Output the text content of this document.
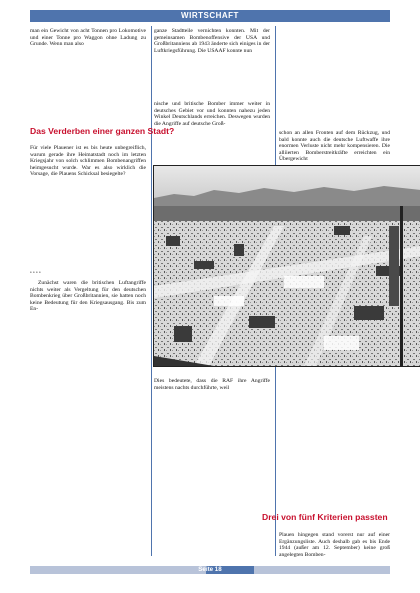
WIRTSCHAFT
man ein Gewicht von acht Tonnen pro Lokomotive und einer Tonne pro Waggon ohne Ladung zu Grunde. Wenn man also
Das Verderben einer ganzen Stadt?
Für viele Plauener ist es bis heute unbegreiflich, warum gerade ihre Heimatstadt noch im letzten Kriegsjahr von solch schlimmen Bombenangriffen heimgesucht wurde. War es also wirklich die Vorsage, die Plauens Schicksal besiegelte?
• • • •
Zunächst waren die britischen Luftangriffe nichts weiter als Vergeltung für den deutschen Bombenkrieg über Großbritannien, sie hatten noch keine Bedeutung für den Kriegsausgang. Bis zum En-
ganze Stadtteile vernichten konnten. Mit der gemeinsamen Bombenoffensive der USA und Großbritanniens ab 1943 änderte sich einiges in der Luftkriegsführung. Die USAAF konnte nun
nische und britische Bomber immer weiter in deutsches Gebiet vor und konnten nahezu jeden Winkel Deutschlands erreichen. Deswegen wurden die Angriffe auf deutsche Groß-
Dies bedeutete, dass die RAF ihre Angriffe meistens nachts durchführte, weil
schon an allen Fronten auf dem Rückzug, und bald konnte auch die deutsche Luftwaffe ihre enormen Verluste nicht mehr kompensieren. Die alliierten Bomberstreitkräfte erreichten ein Übergewicht
Drei von fünf Kriterien passten
Plauen hingegen stand vorerst nur auf einer Ergänzungsliste. Auch deshalb gab es bis Ende 1944 (außer am 12. September) keine groß angelegten Bomben-
Seite 18
